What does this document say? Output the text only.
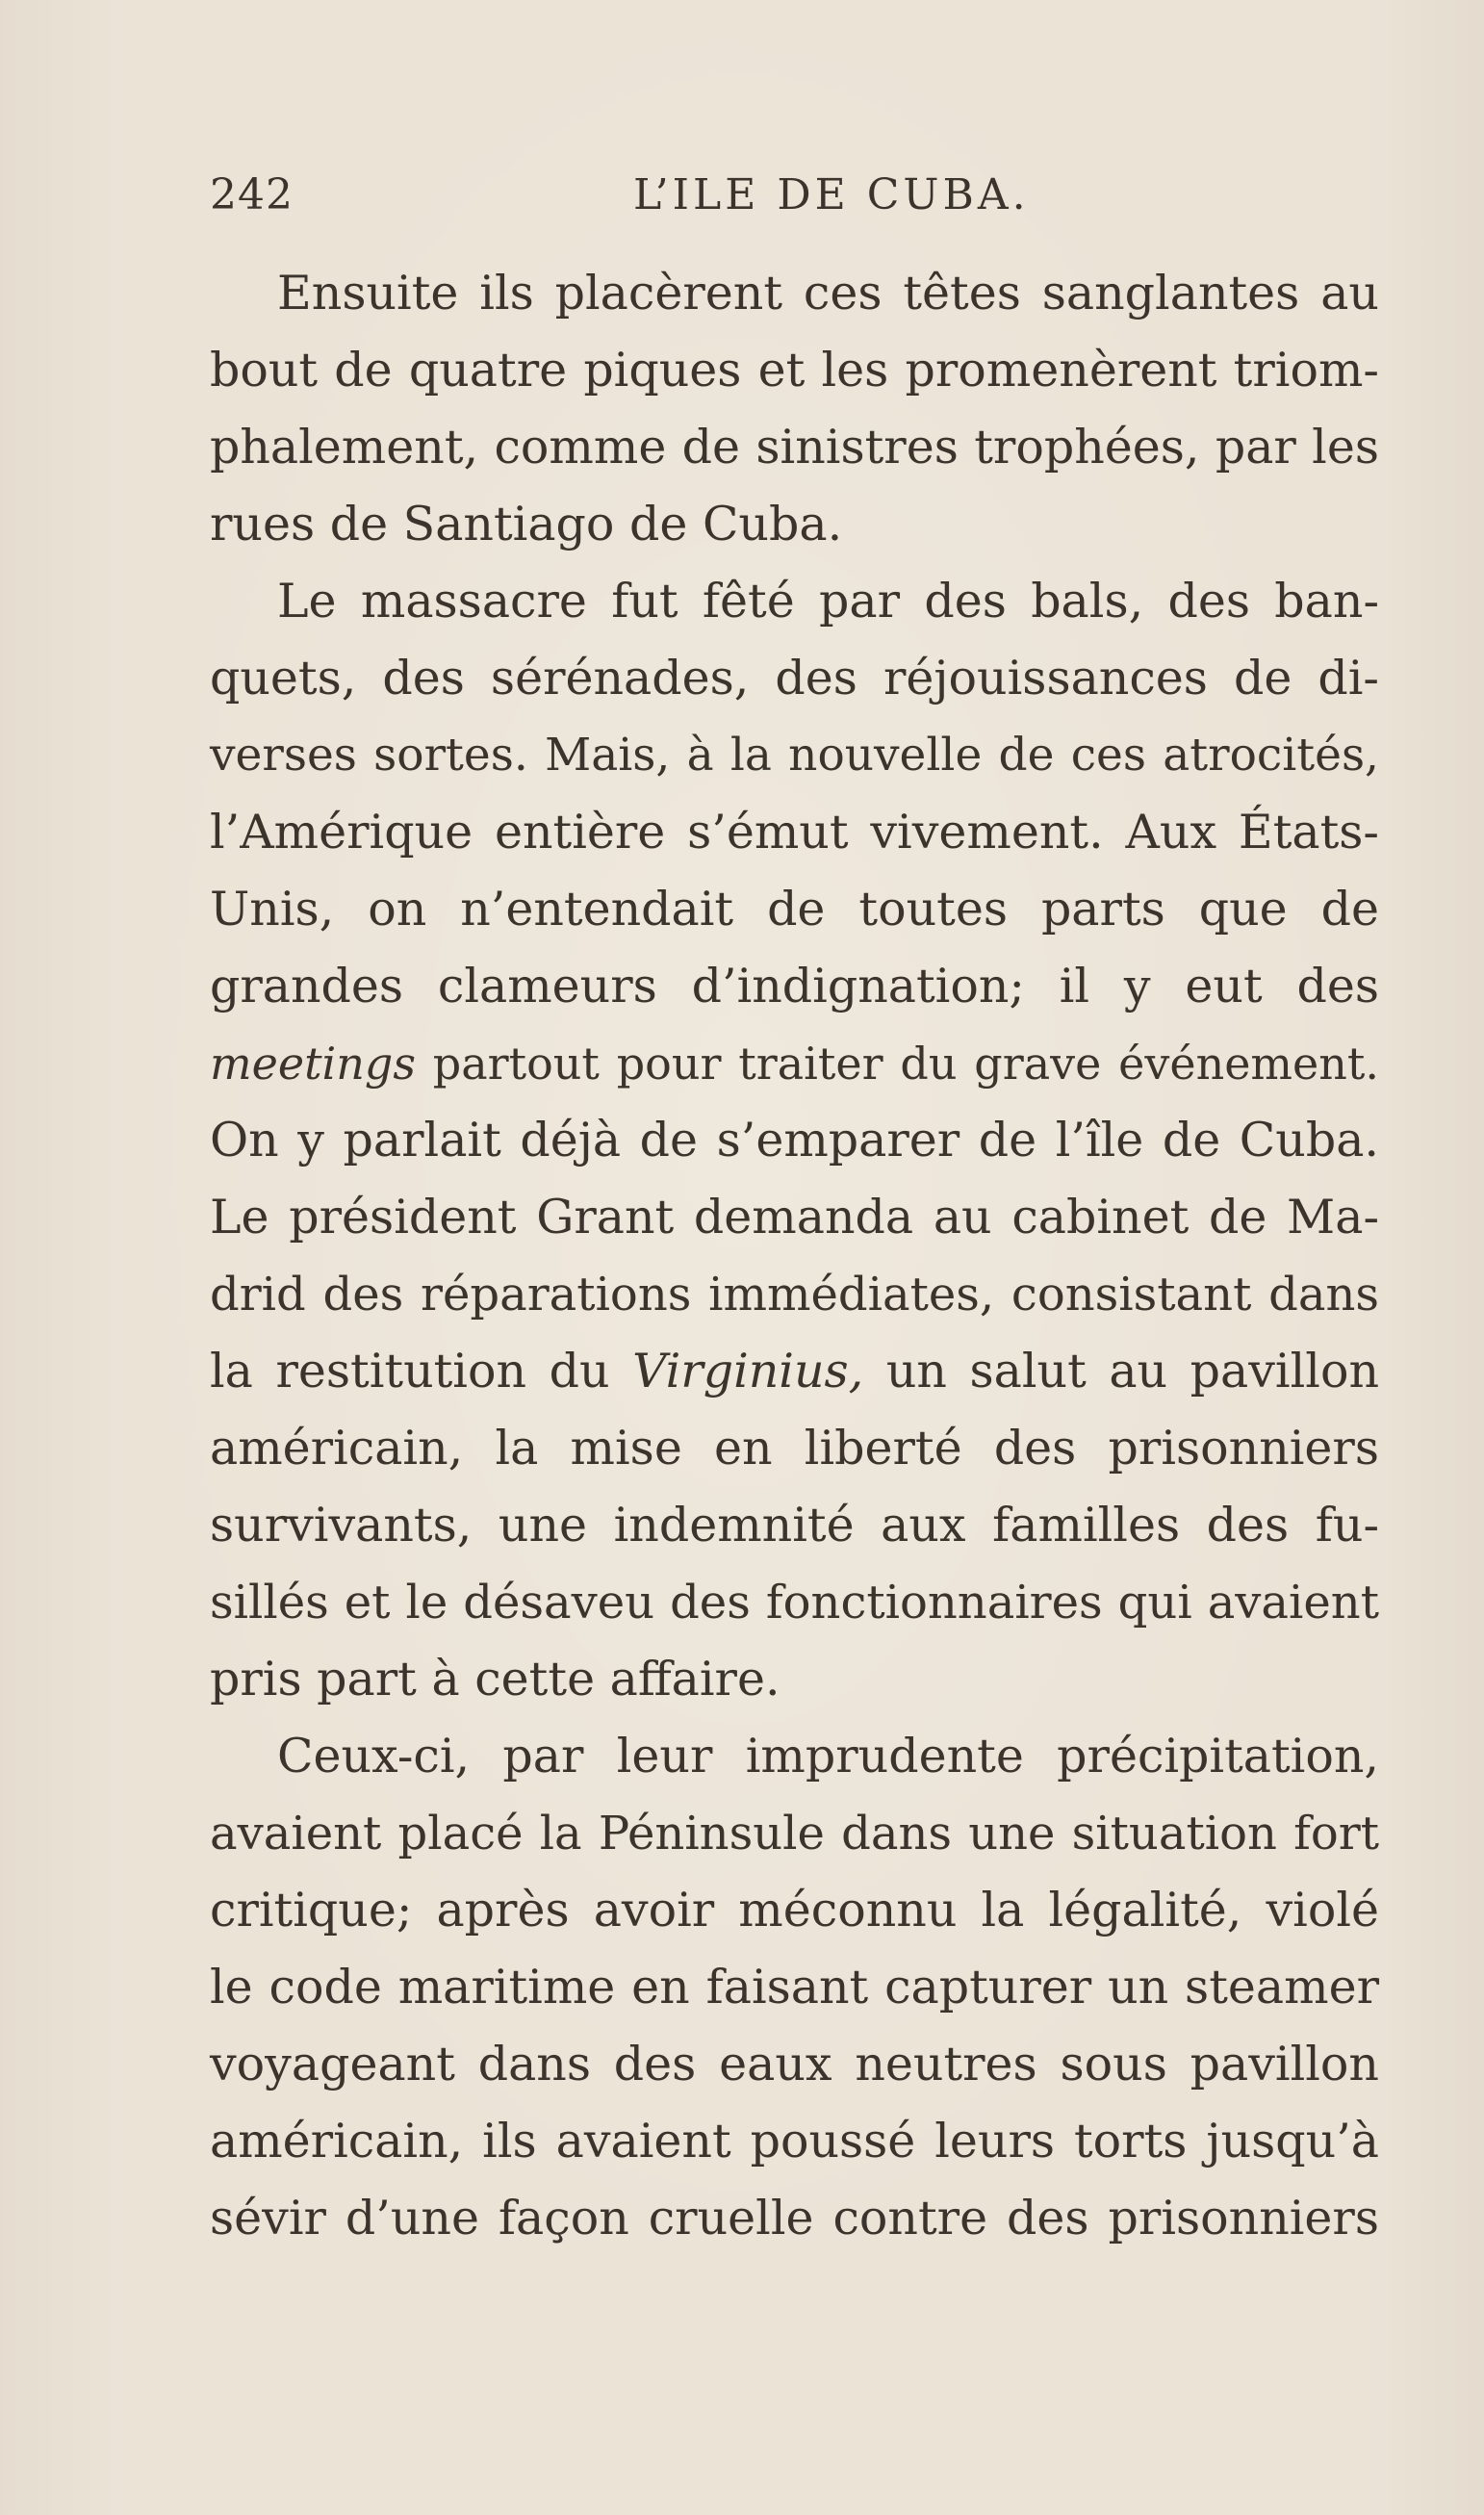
242	L’ILE DE CUBA.
Ensuite ils placèrent ces têtes sanglantes au
bout de quatre piques et les promenèrent triom-
phalement, comme de sinistres trophées, par les
rues de Santiago de Cuba.
Le massacre fut fêté par des bals, des ban-
quets, des sérénades, des réjouissances de di-
verses sortes. Mais, à la nouvelle de ces atrocités,
l’Amérique entière s’émut vivement. Aux États-
Unis, on n’entendait de toutes parts que de
grandes clameurs d’indignation; il y eut des
meetings partout pour traiter du grave événement.
On y parlait déjà de s’emparer de l’île de Cuba.
Le président Grant demanda au cabinet de Ma-
drid des réparations immédiates, consistant dans
la restitution du Virginius, un salut au pavillon
américain, la mise en liberté des prisonniers
survivants, une indemnité aux familles des fu-
sillés et le désaveu des fonctionnaires qui avaient
pris part à cette affaire.
Ceux-ci, par leur imprudente précipitation,
avaient placé la Péninsule dans une situation fort
critique; après avoir méconnu la légalité, violé
le code maritime en faisant capturer un steamer
voyageant dans des eaux neutres sous pavillon
américain, ils avaient poussé leurs torts jusqu’à
sévir d’une façon cruelle contre des prisonniers
